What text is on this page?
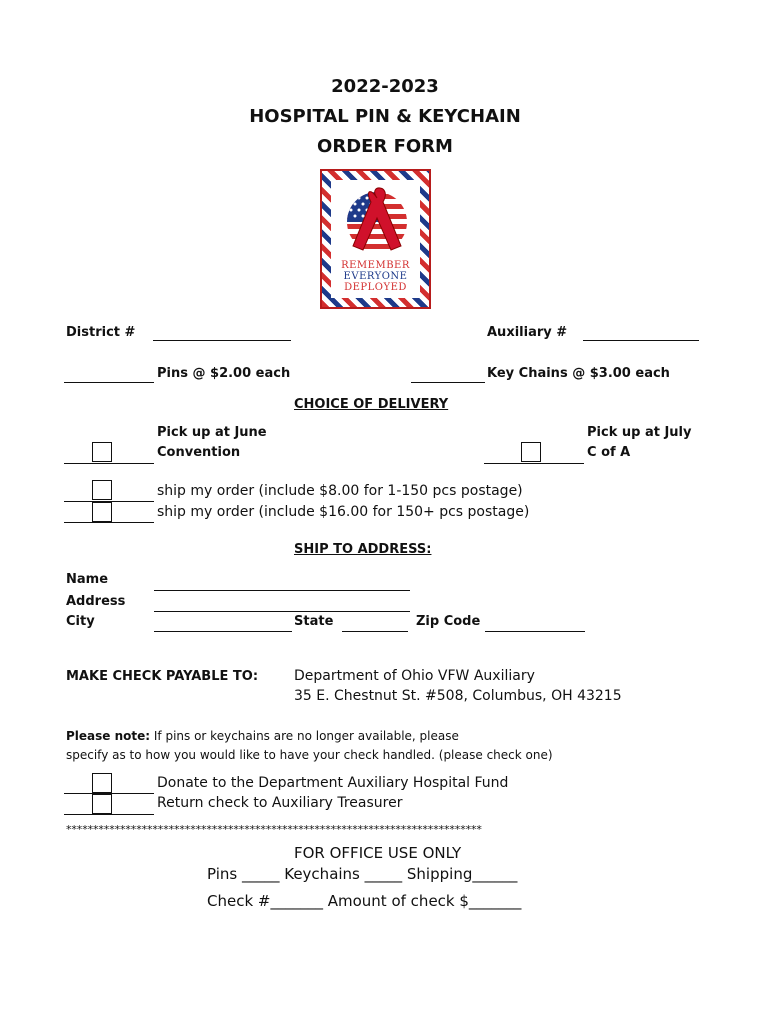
2022-2023
HOSPITAL PIN & KEYCHAIN
ORDER FORM
REMEMBER
EVERYONE
DEPLOYED
District #	Auxiliary #
Pins @ $2.00 each	Key Chains @ $3.00 each
CHOICE OF DELIVERY
Pick up at June
Convention
Pick up at July
C of A
ship my order (include $8.00 for 1-150 pcs postage)
ship my order (include $16.00 for 150+ pcs postage)
SHIP TO ADDRESS:
Name
Address
City	State	Zip Code
MAKE CHECK PAYABLE TO:	Department of Ohio VFW Auxiliary
35 E. Chestnut St. #508, Columbus, OH 43215
Please note: If pins or keychains are no longer available, please
specify as to how you would like to have your check handled. (please check one)
Donate to the Department Auxiliary Hospital Fund
Return check to Auxiliary Treasurer
*****************************************************************************
FOR OFFICE USE ONLY
Pins _____ Keychains _____ Shipping______
Check #_______ Amount of check $_______
